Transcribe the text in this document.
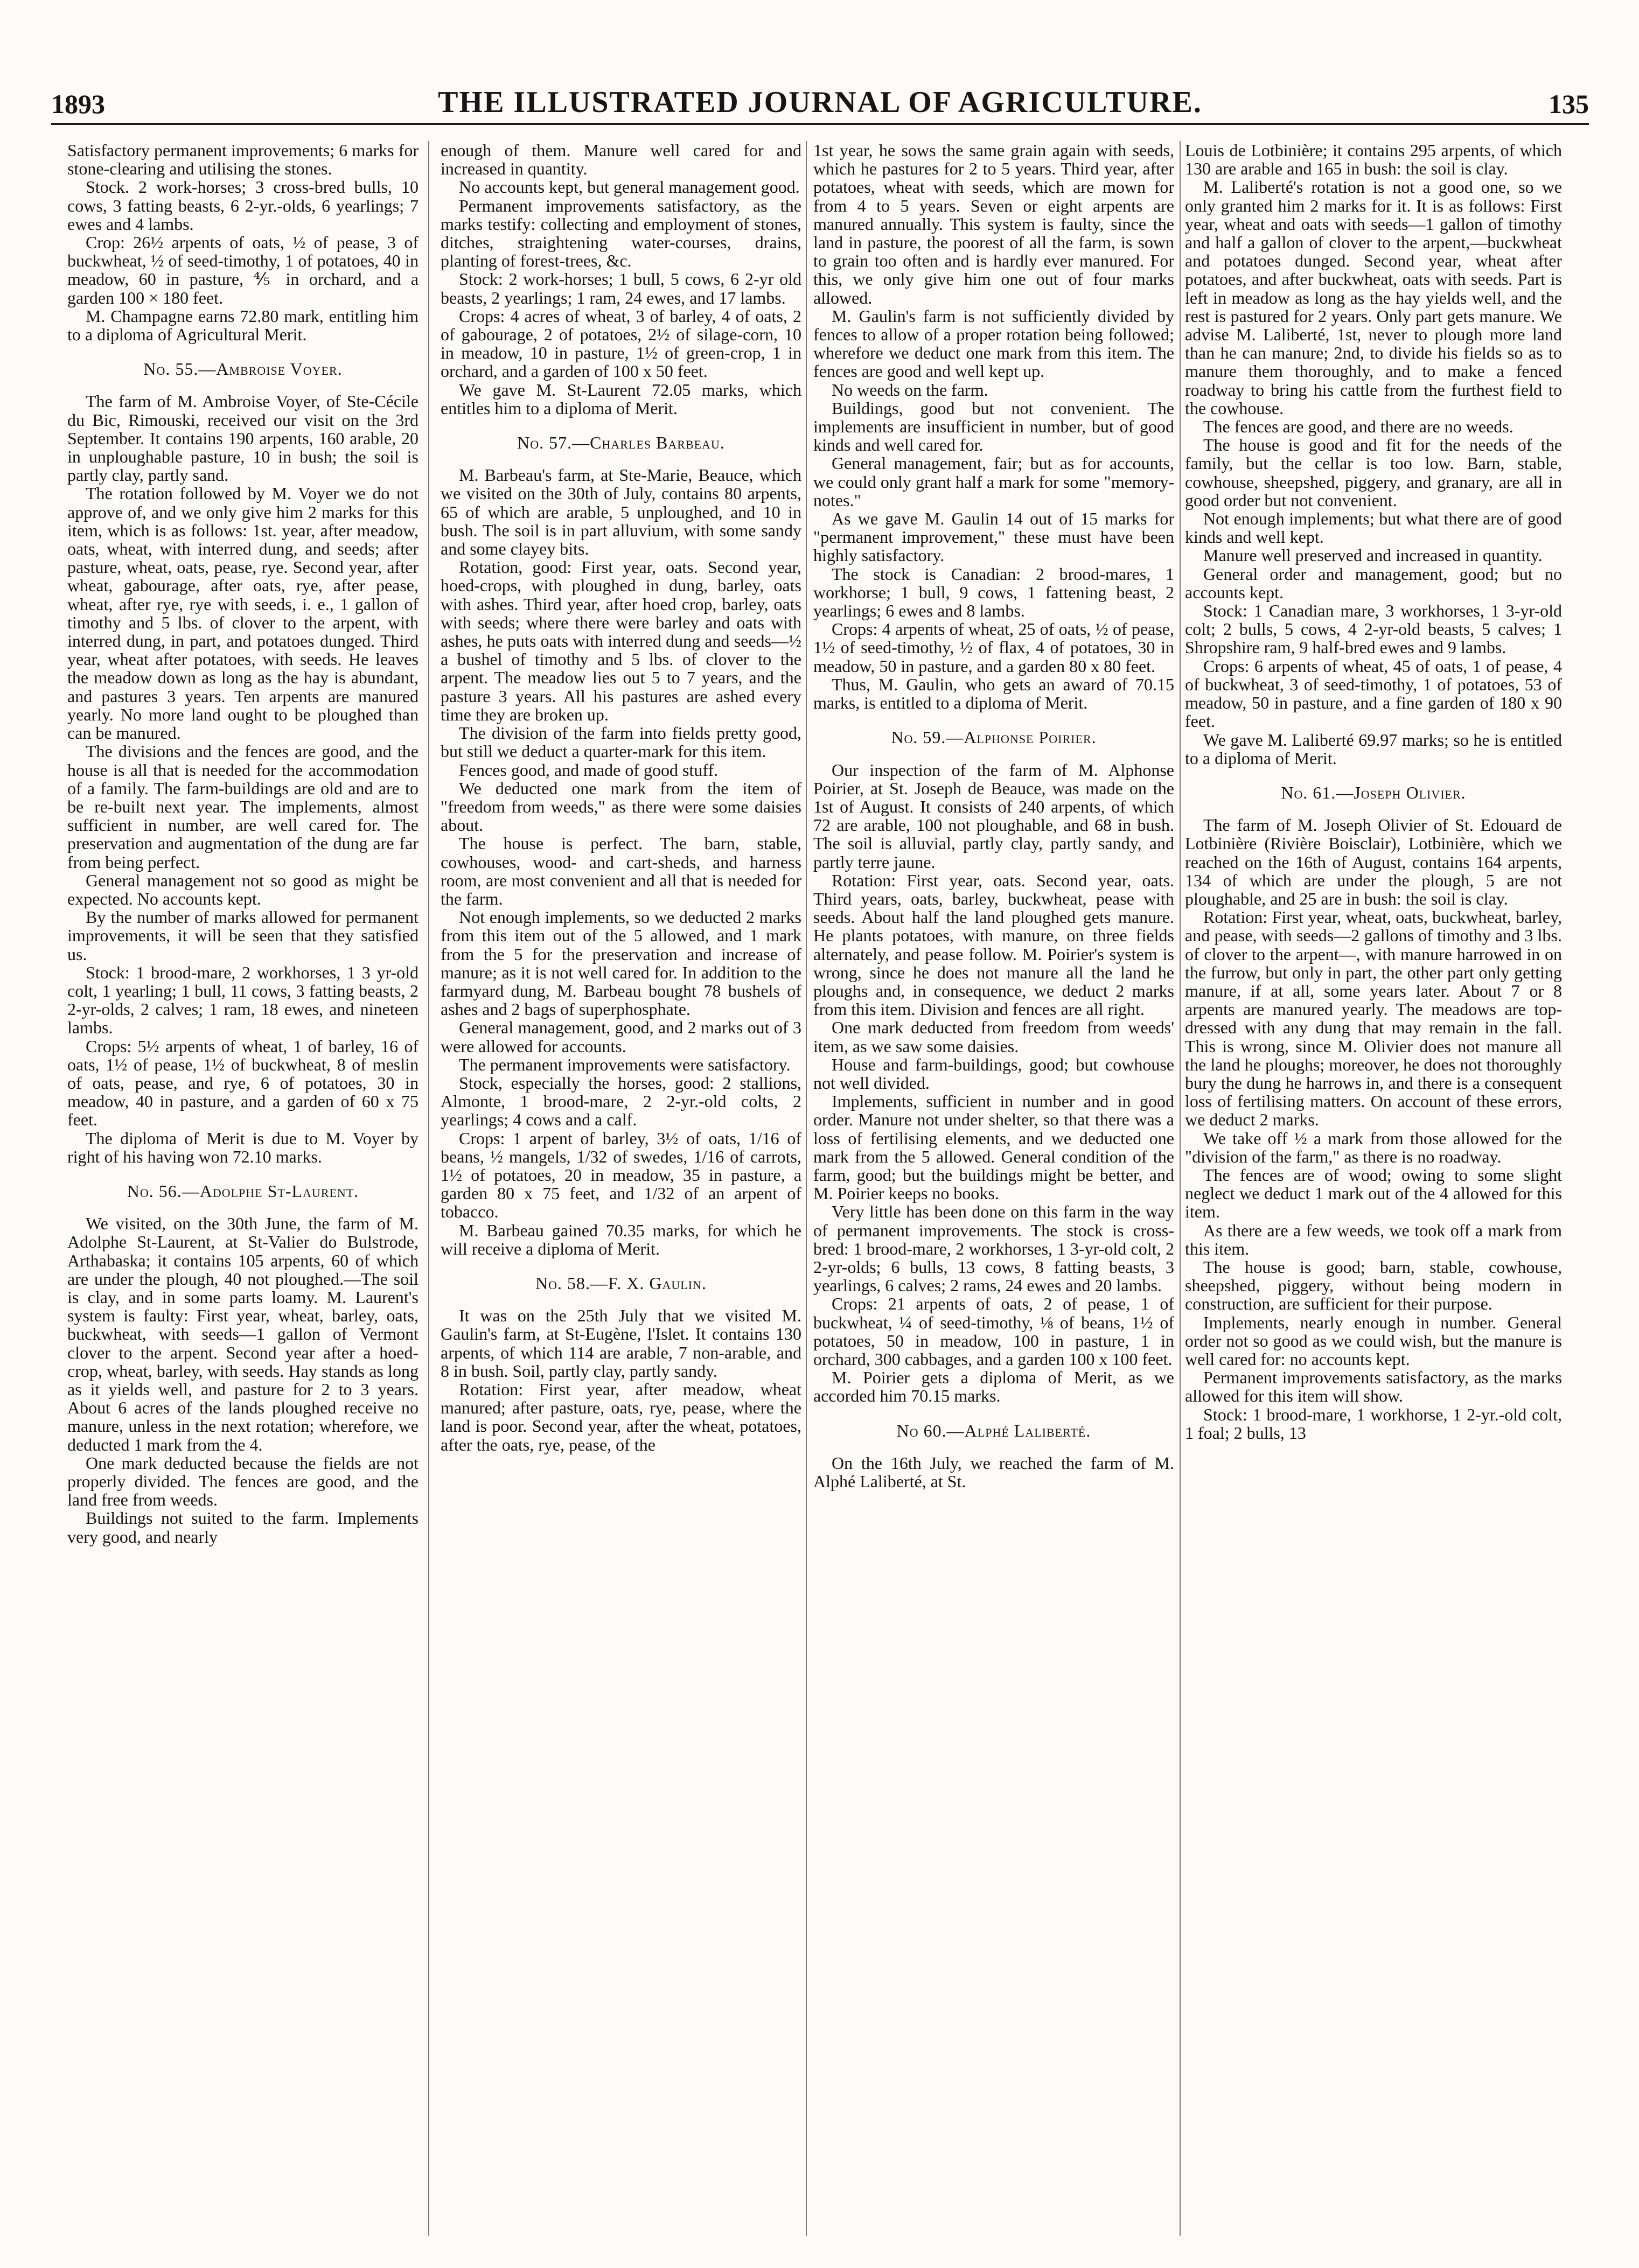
1893	THE ILLUSTRATED JOURNAL OF AGRICULTURE.	135

Satisfactory permanent improvements; 6 marks for stone-clearing and utilising the stones.

Stock. 2 work-horses; 3 cross-bred bulls, 10 cows, 3 fatting beasts, 6 2-yr.-olds, 6 yearlings; 7 ewes and 4 lambs.

Crop: 26½ arpents of oats, ½ of pease, 3 of buckwheat, ½ of seed-timothy, 1 of potatoes, 40 in meadow, 60 in pasture, ⅘ in orchard, and a garden 100 × 180 feet.

M. Champagne earns 72.80 mark, entitling him to a diploma of Agricultural Merit.

No. 55.—Ambroise Voyer.

The farm of M. Ambroise Voyer, of Ste-Cécile du Bic, Rimouski, received our visit on the 3rd September. It contains 190 arpents, 160 arable, 20 in unploughable pasture, 10 in bush; the soil is partly clay, partly sand.

The rotation followed by M. Voyer we do not approve of, and we only give him 2 marks for this item, which is as follows: 1st. year, after meadow, oats, wheat, with interred dung, and seeds; after pasture, wheat, oats, pease, rye. Second year, after wheat, gabourage, after oats, rye, after pease, wheat, after rye, rye with seeds, i. e., 1 gallon of timothy and 5 lbs. of clover to the arpent, with interred dung, in part, and potatoes dunged. Third year, wheat after potatoes, with seeds. He leaves the meadow down as long as the hay is abundant, and pastures 3 years. Ten arpents are manured yearly. No more land ought to be ploughed than can be manured.

The divisions and the fences are good, and the house is all that is needed for the accommodation of a family. The farm-buildings are old and are to be re-built next year. The implements, almost sufficient in number, are well cared for. The preservation and augmentation of the dung are far from being perfect.

General management not so good as might be expected. No accounts kept.

By the number of marks allowed for permanent improvements, it will be seen that they satisfied us.

Stock: 1 brood-mare, 2 workhorses, 1 3 yr-old colt, 1 yearling; 1 bull, 11 cows, 3 fatting beasts, 2 2-yr-olds, 2 calves; 1 ram, 18 ewes, and nineteen lambs.

Crops: 5½ arpents of wheat, 1 of barley, 16 of oats, 1½ of pease, 1½ of buckwheat, 8 of meslin of oats, pease, and rye, 6 of potatoes, 30 in meadow, 40 in pasture, and a garden of 60 x 75 feet.

The diploma of Merit is due to M. Voyer by right of his having won 72.10 marks.

No. 56.—Adolphe St-Laurent.

We visited, on the 30th June, the farm of M. Adolphe St-Laurent, at St-Valier do Bulstrode, Arthabaska; it contains 105 arpents, 60 of which are under the plough, 40 not ploughed.—The soil is clay, and in some parts loamy. M. Laurent's system is faulty: First year, wheat, barley, oats, buckwheat, with seeds—1 gallon of Vermont clover to the arpent. Second year after a hoed-crop, wheat, barley, with seeds. Hay stands as long as it yields well, and pasture for 2 to 3 years. About 6 acres of the lands ploughed receive no manure, unless in the next rotation; wherefore, we deducted 1 mark from the 4.

One mark deducted because the fields are not properly divided. The fences are good, and the land free from weeds.

Buildings not suited to the farm. Implements very good, and nearly

enough of them. Manure well cared for and increased in quantity.

No accounts kept, but general management good.

Permanent improvements satisfactory, as the marks testify: collecting and employment of stones, ditches, straightening water-courses, drains, planting of forest-trees, &c.

Stock: 2 work-horses; 1 bull, 5 cows, 6 2-yr old beasts, 2 yearlings; 1 ram, 24 ewes, and 17 lambs.

Crops: 4 acres of wheat, 3 of barley, 4 of oats, 2 of gabourage, 2 of potatoes, 2½ of silage-corn, 10 in meadow, 10 in pasture, 1½ of green-crop, 1 in orchard, and a garden of 100 x 50 feet.

We gave M. St-Laurent 72.05 marks, which entitles him to a diploma of Merit.

No. 57.—Charles Barbeau.

M. Barbeau's farm, at Ste-Marie, Beauce, which we visited on the 30th of July, contains 80 arpents, 65 of which are arable, 5 unploughed, and 10 in bush. The soil is in part alluvium, with some sandy and some clayey bits.

Rotation, good: First year, oats. Second year, hoed-crops, with ploughed in dung, barley, oats with ashes. Third year, after hoed crop, barley, oats with seeds; where there were barley and oats with ashes, he puts oats with interred dung and seeds—½ a bushel of timothy and 5 lbs. of clover to the arpent. The meadow lies out 5 to 7 years, and the pasture 3 years. All his pastures are ashed every time they are broken up.

The division of the farm into fields pretty good, but still we deduct a quarter-mark for this item.

Fences good, and made of good stuff.

We deducted one mark from the item of "freedom from weeds," as there were some daisies about.

The house is perfect. The barn, stable, cowhouses, wood- and cart-sheds, and harness room, are most convenient and all that is needed for the farm.

Not enough implements, so we deducted 2 marks from this item out of the 5 allowed, and 1 mark from the 5 for the preservation and increase of manure; as it is not well cared for. In addition to the farmyard dung, M. Barbeau bought 78 bushels of ashes and 2 bags of superphosphate.

General management, good, and 2 marks out of 3 were allowed for accounts.

The permanent improvements were satisfactory.

Stock, especially the horses, good: 2 stallions, Almonte, 1 brood-mare, 2 2-yr.-old colts, 2 yearlings; 4 cows and a calf.

Crops: 1 arpent of barley, 3½ of oats, 1/16 of beans, ½ mangels, 1/32 of swedes, 1/16 of carrots, 1½ of potatoes, 20 in meadow, 35 in pasture, a garden 80 x 75 feet, and 1/32 of an arpent of tobacco.

M. Barbeau gained 70.35 marks, for which he will receive a diploma of Merit.

No. 58.—F. X. Gaulin.

It was on the 25th July that we visited M. Gaulin's farm, at St-Eugène, l'Islet. It contains 130 arpents, of which 114 are arable, 7 non-arable, and 8 in bush. Soil, partly clay, partly sandy.

Rotation: First year, after meadow, wheat manured; after pasture, oats, rye, pease, where the land is poor. Second year, after the wheat, potatoes, after the oats, rye, pease, of the

1st year, he sows the same grain again with seeds, which he pastures for 2 to 5 years. Third year, after potatoes, wheat with seeds, which are mown for from 4 to 5 years. Seven or eight arpents are manured annually. This system is faulty, since the land in pasture, the poorest of all the farm, is sown to grain too often and is hardly ever manured. For this, we only give him one out of four marks allowed.

M. Gaulin's farm is not sufficiently divided by fences to allow of a proper rotation being followed; wherefore we deduct one mark from this item. The fences are good and well kept up.

No weeds on the farm.

Buildings, good but not convenient. The implements are insufficient in number, but of good kinds and well cared for.

General management, fair; but as for accounts, we could only grant half a mark for some "memory-notes."

As we gave M. Gaulin 14 out of 15 marks for "permanent improvement," these must have been highly satisfactory.

The stock is Canadian: 2 brood-mares, 1 workhorse; 1 bull, 9 cows, 1 fattening beast, 2 yearlings; 6 ewes and 8 lambs.

Crops: 4 arpents of wheat, 25 of oats, ½ of pease, 1½ of seed-timothy, ½ of flax, 4 of potatoes, 30 in meadow, 50 in pasture, and a garden 80 x 80 feet.

Thus, M. Gaulin, who gets an award of 70.15 marks, is entitled to a diploma of Merit.

No. 59.—Alphonse Poirier.

Our inspection of the farm of M. Alphonse Poirier, at St. Joseph de Beauce, was made on the 1st of August. It consists of 240 arpents, of which 72 are arable, 100 not ploughable, and 68 in bush. The soil is alluvial, partly clay, partly sandy, and partly terre jaune.

Rotation: First year, oats. Second year, oats. Third years, oats, barley, buckwheat, pease with seeds. About half the land ploughed gets manure. He plants potatoes, with manure, on three fields alternately, and pease follow. M. Poirier's system is wrong, since he does not manure all the land he ploughs and, in consequence, we deduct 2 marks from this item. Division and fences are all right.

One mark deducted from freedom from weeds' item, as we saw some daisies.

House and farm-buildings, good; but cowhouse not well divided.

Implements, sufficient in number and in good order. Manure not under shelter, so that there was a loss of fertilising elements, and we deducted one mark from the 5 allowed. General condition of the farm, good; but the buildings might be better, and M. Poirier keeps no books.

Very little has been done on this farm in the way of permanent improvements. The stock is cross-bred: 1 brood-mare, 2 workhorses, 1 3-yr-old colt, 2 2-yr-olds; 6 bulls, 13 cows, 8 fatting beasts, 3 yearlings, 6 calves; 2 rams, 24 ewes and 20 lambs.

Crops: 21 arpents of oats, 2 of pease, 1 of buckwheat, ¼ of seed-timothy, ⅛ of beans, 1½ of potatoes, 50 in meadow, 100 in pasture, 1 in orchard, 300 cabbages, and a garden 100 x 100 feet.

M. Poirier gets a diploma of Merit, as we accorded him 70.15 marks.

No 60.—Alphé Laliberté.

On the 16th July, we reached the farm of M. Alphé Laliberté, at St.

Louis de Lotbinière; it contains 295 arpents, of which 130 are arable and 165 in bush: the soil is clay.

M. Laliberté's rotation is not a good one, so we only granted him 2 marks for it. It is as follows: First year, wheat and oats with seeds—1 gallon of timothy and half a gallon of clover to the arpent,—buckwheat and potatoes dunged. Second year, wheat after potatoes, and after buckwheat, oats with seeds. Part is left in meadow as long as the hay yields well, and the rest is pastured for 2 years. Only part gets manure. We advise M. Laliberté, 1st, never to plough more land than he can manure; 2nd, to divide his fields so as to manure them thoroughly, and to make a fenced roadway to bring his cattle from the furthest field to the cowhouse.

The fences are good, and there are no weeds.

The house is good and fit for the needs of the family, but the cellar is too low. Barn, stable, cowhouse, sheepshed, piggery, and granary, are all in good order but not convenient.

Not enough implements; but what there are of good kinds and well kept.

Manure well preserved and increased in quantity.

General order and management, good; but no accounts kept.

Stock: 1 Canadian mare, 3 workhorses, 1 3-yr-old colt; 2 bulls, 5 cows, 4 2-yr-old beasts, 5 calves; 1 Shropshire ram, 9 half-bred ewes and 9 lambs.

Crops: 6 arpents of wheat, 45 of oats, 1 of pease, 4 of buckwheat, 3 of seed-timothy, 1 of potatoes, 53 of meadow, 50 in pasture, and a fine garden of 180 x 90 feet.

We gave M. Laliberté 69.97 marks; so he is entitled to a diploma of Merit.

No. 61.—Joseph Olivier.

The farm of M. Joseph Olivier of St. Edouard de Lotbinière (Rivière Boisclair), Lotbinière, which we reached on the 16th of August, contains 164 arpents, 134 of which are under the plough, 5 are not ploughable, and 25 are in bush: the soil is clay.

Rotation: First year, wheat, oats, buckwheat, barley, and pease, with seeds—2 gallons of timothy and 3 lbs. of clover to the arpent—, with manure harrowed in on the furrow, but only in part, the other part only getting manure, if at all, some years later. About 7 or 8 arpents are manured yearly. The meadows are top-dressed with any dung that may remain in the fall. This is wrong, since M. Olivier does not manure all the land he ploughs; moreover, he does not thoroughly bury the dung he harrows in, and there is a consequent loss of fertilising matters. On account of these errors, we deduct 2 marks.

We take off ½ a mark from those allowed for the "division of the farm," as there is no roadway.

The fences are of wood; owing to some slight neglect we deduct 1 mark out of the 4 allowed for this item.

As there are a few weeds, we took off a mark from this item.

The house is good; barn, stable, cowhouse, sheepshed, piggery, without being modern in construction, are sufficient for their purpose.

Implements, nearly enough in number. General order not so good as we could wish, but the manure is well cared for: no accounts kept.

Permanent improvements satisfactory, as the marks allowed for this item will show.

Stock: 1 brood-mare, 1 workhorse, 1 2-yr.-old colt, 1 foal; 2 bulls, 13
